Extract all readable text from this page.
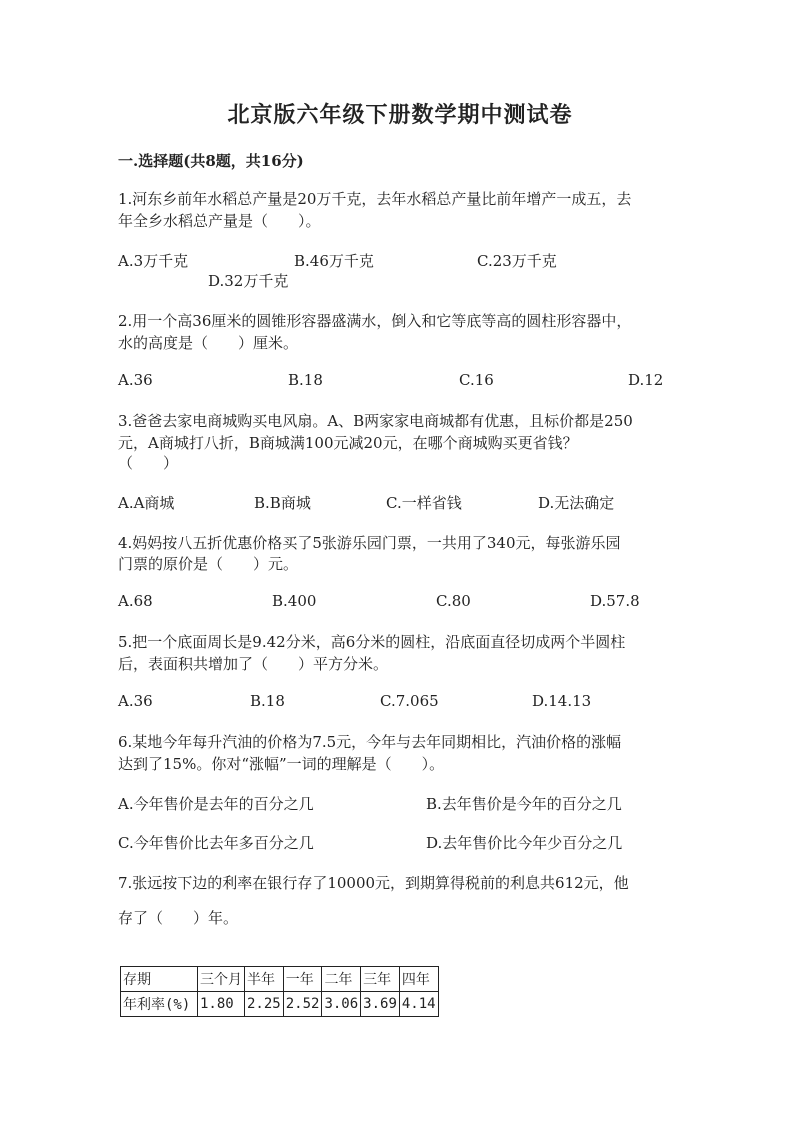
北京版六年级下册数学期中测试卷
一.选择题(共8题，共16分)
1.河东乡前年水稻总产量是20万千克，去年水稻总产量比前年增产一成五，去
年全乡水稻总产量是（　　）。
A.3万千克	B.46万千克	C.23万千克
D.32万千克
2.用一个高36厘米的圆锥形容器盛满水，倒入和它等底等高的圆柱形容器中，
水的高度是（　　）厘米。
A.36	B.18	C.16	D.12
3.爸爸去家电商城购买电风扇。A、B两家家电商城都有优惠，且标价都是250
元，A商城打八折，B商城满100元减20元，在哪个商城购买更省钱？
（　　）
A.A商城	B.B商城	C.一样省钱	D.无法确定
4.妈妈按八五折优惠价格买了5张游乐园门票，一共用了340元，每张游乐园
门票的原价是（　　）元。
A.68	B.400	C.80	D.57.8
5.把一个底面周长是9.42分米，高6分米的圆柱，沿底面直径切成两个半圆柱
后，表面积共增加了（　　）平方分米。
A.36	B.18	C.7.065	D.14.13
6.某地今年每升汽油的价格为7.5元，今年与去年同期相比，汽油价格的涨幅
达到了15%。你对“涨幅”一词的理解是（　　）。
A.今年售价是去年的百分之几	B.去年售价是今年的百分之几
C.今年售价比去年多百分之几	D.去年售价比今年少百分之几
7.张远按下边的利率在银行存了10000元，到期算得税前的利息共612元，他
存了（　　）年。
存期	三个月	半年	一年	二年	三年	四年
年利率(%)	1.80	2.25	2.52	3.06	3.69	4.14
